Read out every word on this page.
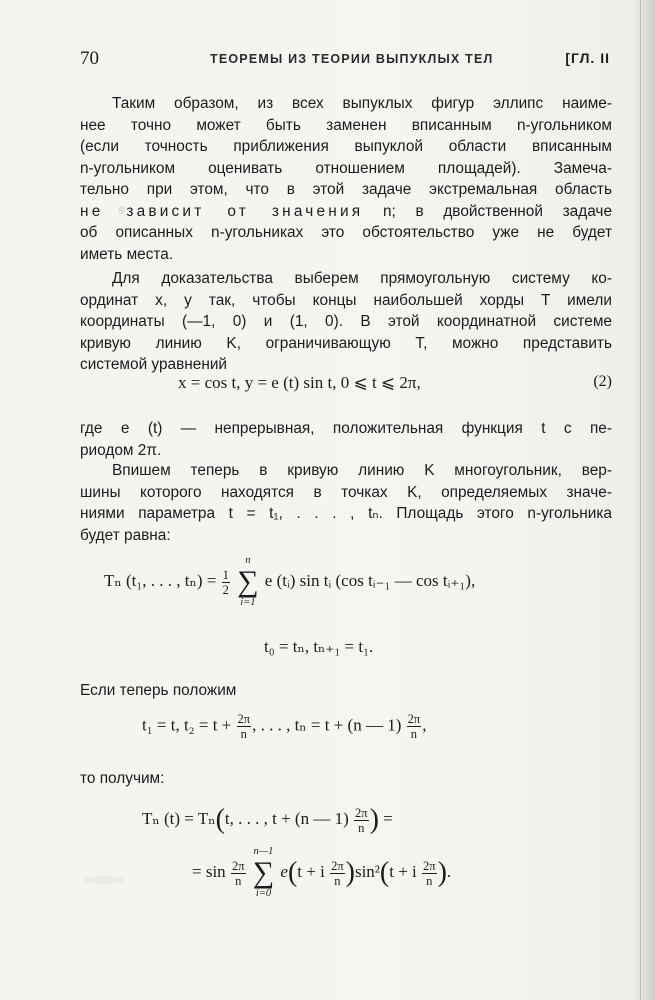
70	ТЕОРЕМЫ ИЗ ТЕОРИИ ВЫПУКЛЫХ ТЕЛ	[ГЛ. II
Таким образом, из всех выпуклых фигур эллипс наиме-
нее точно может быть заменен вписанным n-угольником
(если точность приближения выпуклой области вписанным
n-угольником оценивать отношением площадей). Замеча-
тельно при этом, что в этой задаче экстремальная область
не зависит от значения n; в двойственной задаче
об описанных n-угольниках это обстоятельство уже не будет
иметь места.
Для доказательства выберем прямоугольную систему ко-
ординат x, y так, чтобы концы наибольшей хорды T имели
координаты (—1, 0) и (1, 0). В этой координатной системе
кривую линию K, ограничивающую T, можно представить
системой уравнений
x = cos t, y = e (t) sin t, 0 ⩽ t ⩽ 2π,	(2)
где e (t) — непрерывная, положительная функция t с пе-
риодом 2π.
Впишем теперь в кривую линию K многоугольник, вер-
шины которого находятся в точках K, определяемых значе-
ниями параметра t = t₁, . . . , tₙ. Площадь этого n-угольника
будет равна:
Tₙ (t₁, . . . , $t_n) = \frac{1}{2}$

n
∑
i=1
e (tᵢ) sin tᵢ (cos tᵢ₋₁ — cos tᵢ₊₁),
t₀ = tₙ, tₙ₊₁ = t₁.
Если теперь положим
t₁ = t, $t_2 = t + \frac{2\pi}{n}$ , . . . , tₙ = t + (n — $1) \frac{2\pi}{n}$ ,
то получим:
Tₙ (t) = Tₙ(t, . . . , t + (n — $1) \frac{2\pi}{n}$ ) =
= $\sin \frac{2\pi}{n}$

n—1
∑
i=0
e(t + i $\frac{2\pi}{n} )\sin^2(t + i \frac{2\pi}{n}$ ).
